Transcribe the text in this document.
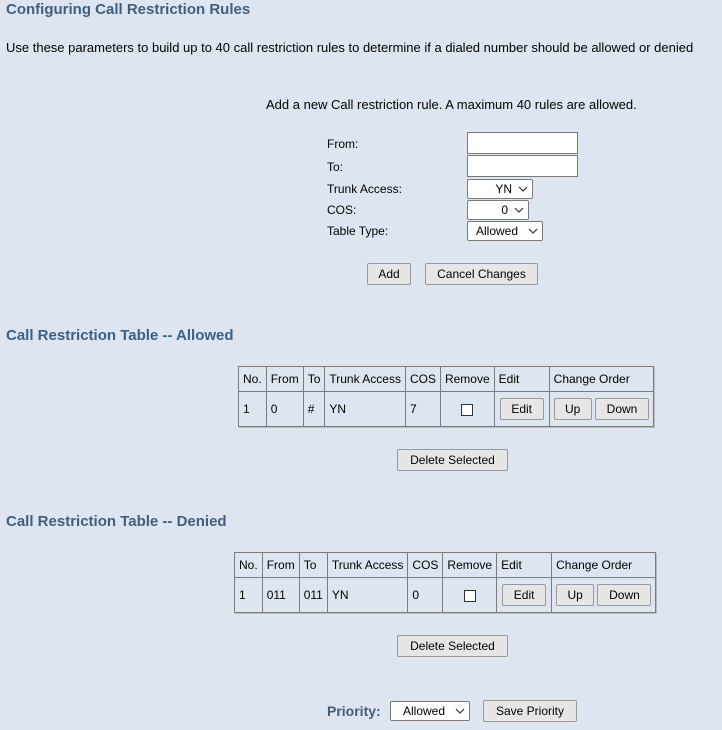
Configuring Call Restriction Rules
Use these parameters to build up to 40 call restriction rules to determine if a dialed number should be allowed or denied
Add a new Call restriction rule. A maximum 40 rules are allowed.
From:
To:
Trunk Access:	YN
COS:	0
Table Type:	Allowed
Add	Cancel Changes
Call Restriction Table -- Allowed
No.	From	To	Trunk Access	COS	Remove	Edit	Change Order
1	0	#	YN	7		Edit	Up Down
Delete Selected
Call Restriction Table -- Denied
No.	From	To	Trunk Access	COS	Remove	Edit	Change Order
1	011	011	YN	0		Edit	Up Down
Delete Selected
Priority: Allowed	Save Priority
